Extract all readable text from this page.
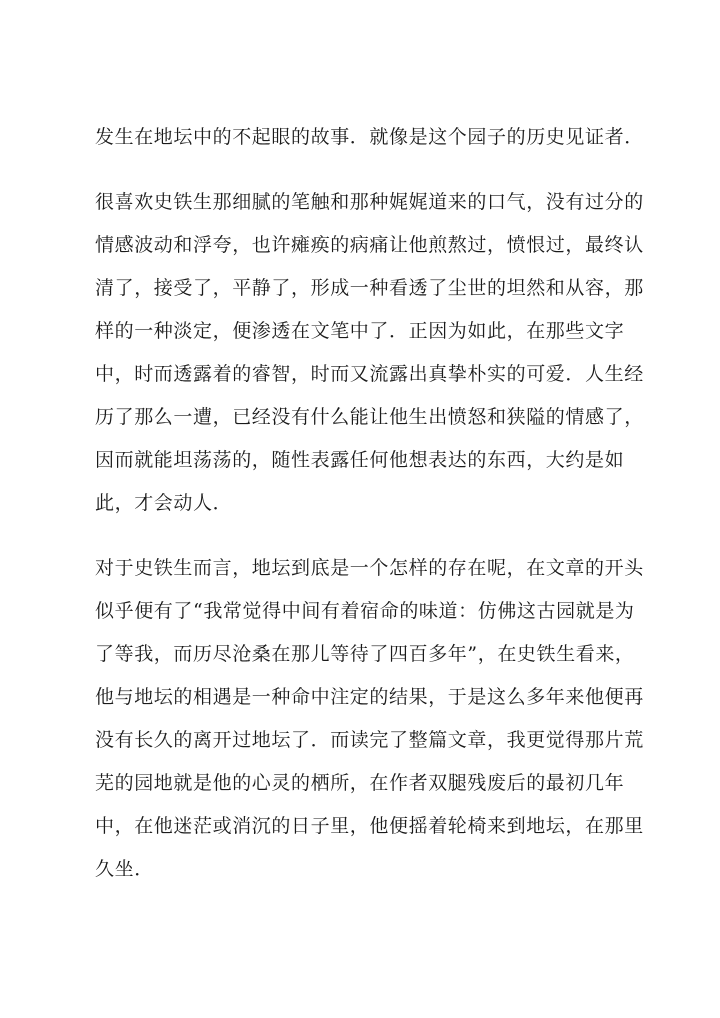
发生在地坛中的不起眼的故事．就像是这个园子的历史见证者．
很喜欢史铁生那细腻的笔触和那种娓娓道来的口气，没有过分的
情感波动和浮夸，也许瘫痪的病痛让他煎熬过，愤恨过，最终认
清了，接受了，平静了，形成一种看透了尘世的坦然和从容，那
样的一种淡定，便渗透在文笔中了．正因为如此，在那些文字
中，时而透露着的睿智，时而又流露出真挚朴实的可爱．人生经
历了那么一遭，已经没有什么能让他生出愤怒和狭隘的情感了，
因而就能坦荡荡的，随性表露任何他想表达的东西，大约是如
此，才会动人．
对于史铁生而言，地坛到底是一个怎样的存在呢，在文章的开头
似乎便有了“我常觉得中间有着宿命的味道：仿佛这古园就是为
了等我，而历尽沧桑在那儿等待了四百多年”，在史铁生看来，
他与地坛的相遇是一种命中注定的结果，于是这么多年来他便再
没有长久的离开过地坛了．而读完了整篇文章，我更觉得那片荒
芜的园地就是他的心灵的栖所，在作者双腿残废后的最初几年
中，在他迷茫或消沉的日子里，他便摇着轮椅来到地坛，在那里
久坐．
